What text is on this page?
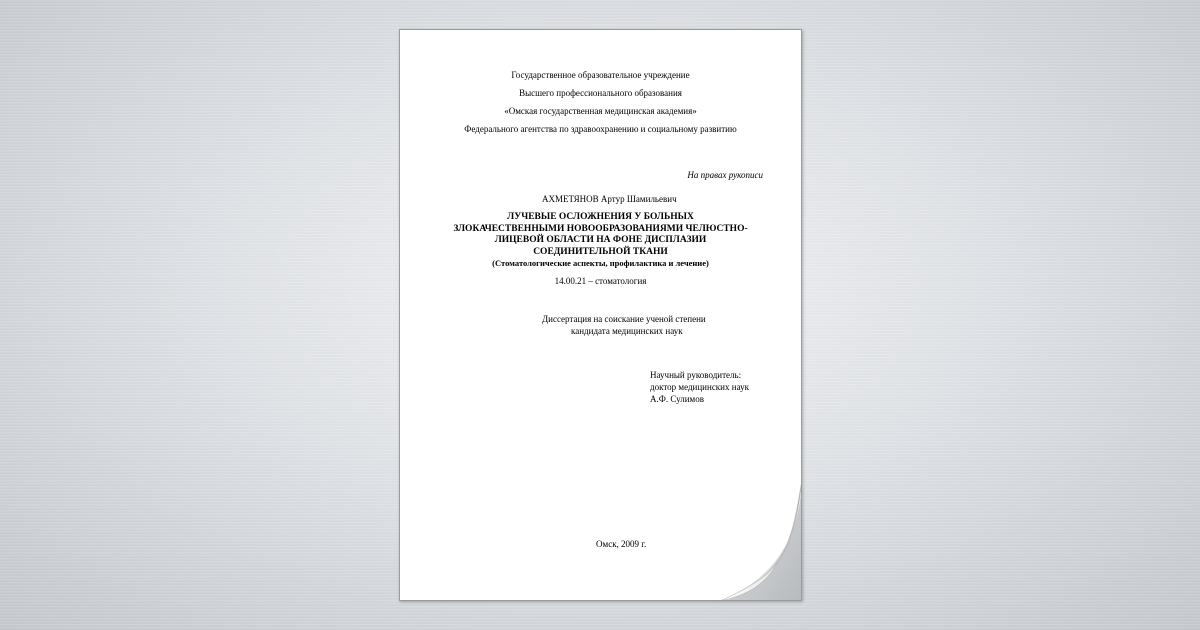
Государственное образовательное учреждение

Высшего профессионального образования

«Омская государственная медицинская академия»

Федерального агентства по здравоохранению и социальному развитию

На правах рукописи

АХМЕТЯНОВ Артур Шамильевич

ЛУЧЕВЫЕ ОСЛОЖНЕНИЯ У БОЛЬНЫХ
ЗЛОКАЧЕСТВЕННЫМИ НОВООБРАЗОВАНИЯМИ ЧЕЛЮСТНО-
ЛИЦЕВОЙ ОБЛАСТИ НА ФОНЕ ДИСПЛАЗИИ
СОЕДИНИТЕЛЬНОЙ ТКАНИ
(Стоматологические аспекты, профилактика и лечение)

14.00.21 – стоматология

Диссертация на соискание ученой степени

кандидата медицинских наук

Научный руководитель:

доктор медицинских наук

А.Ф. Сулимов

Омск, 2009 г.
